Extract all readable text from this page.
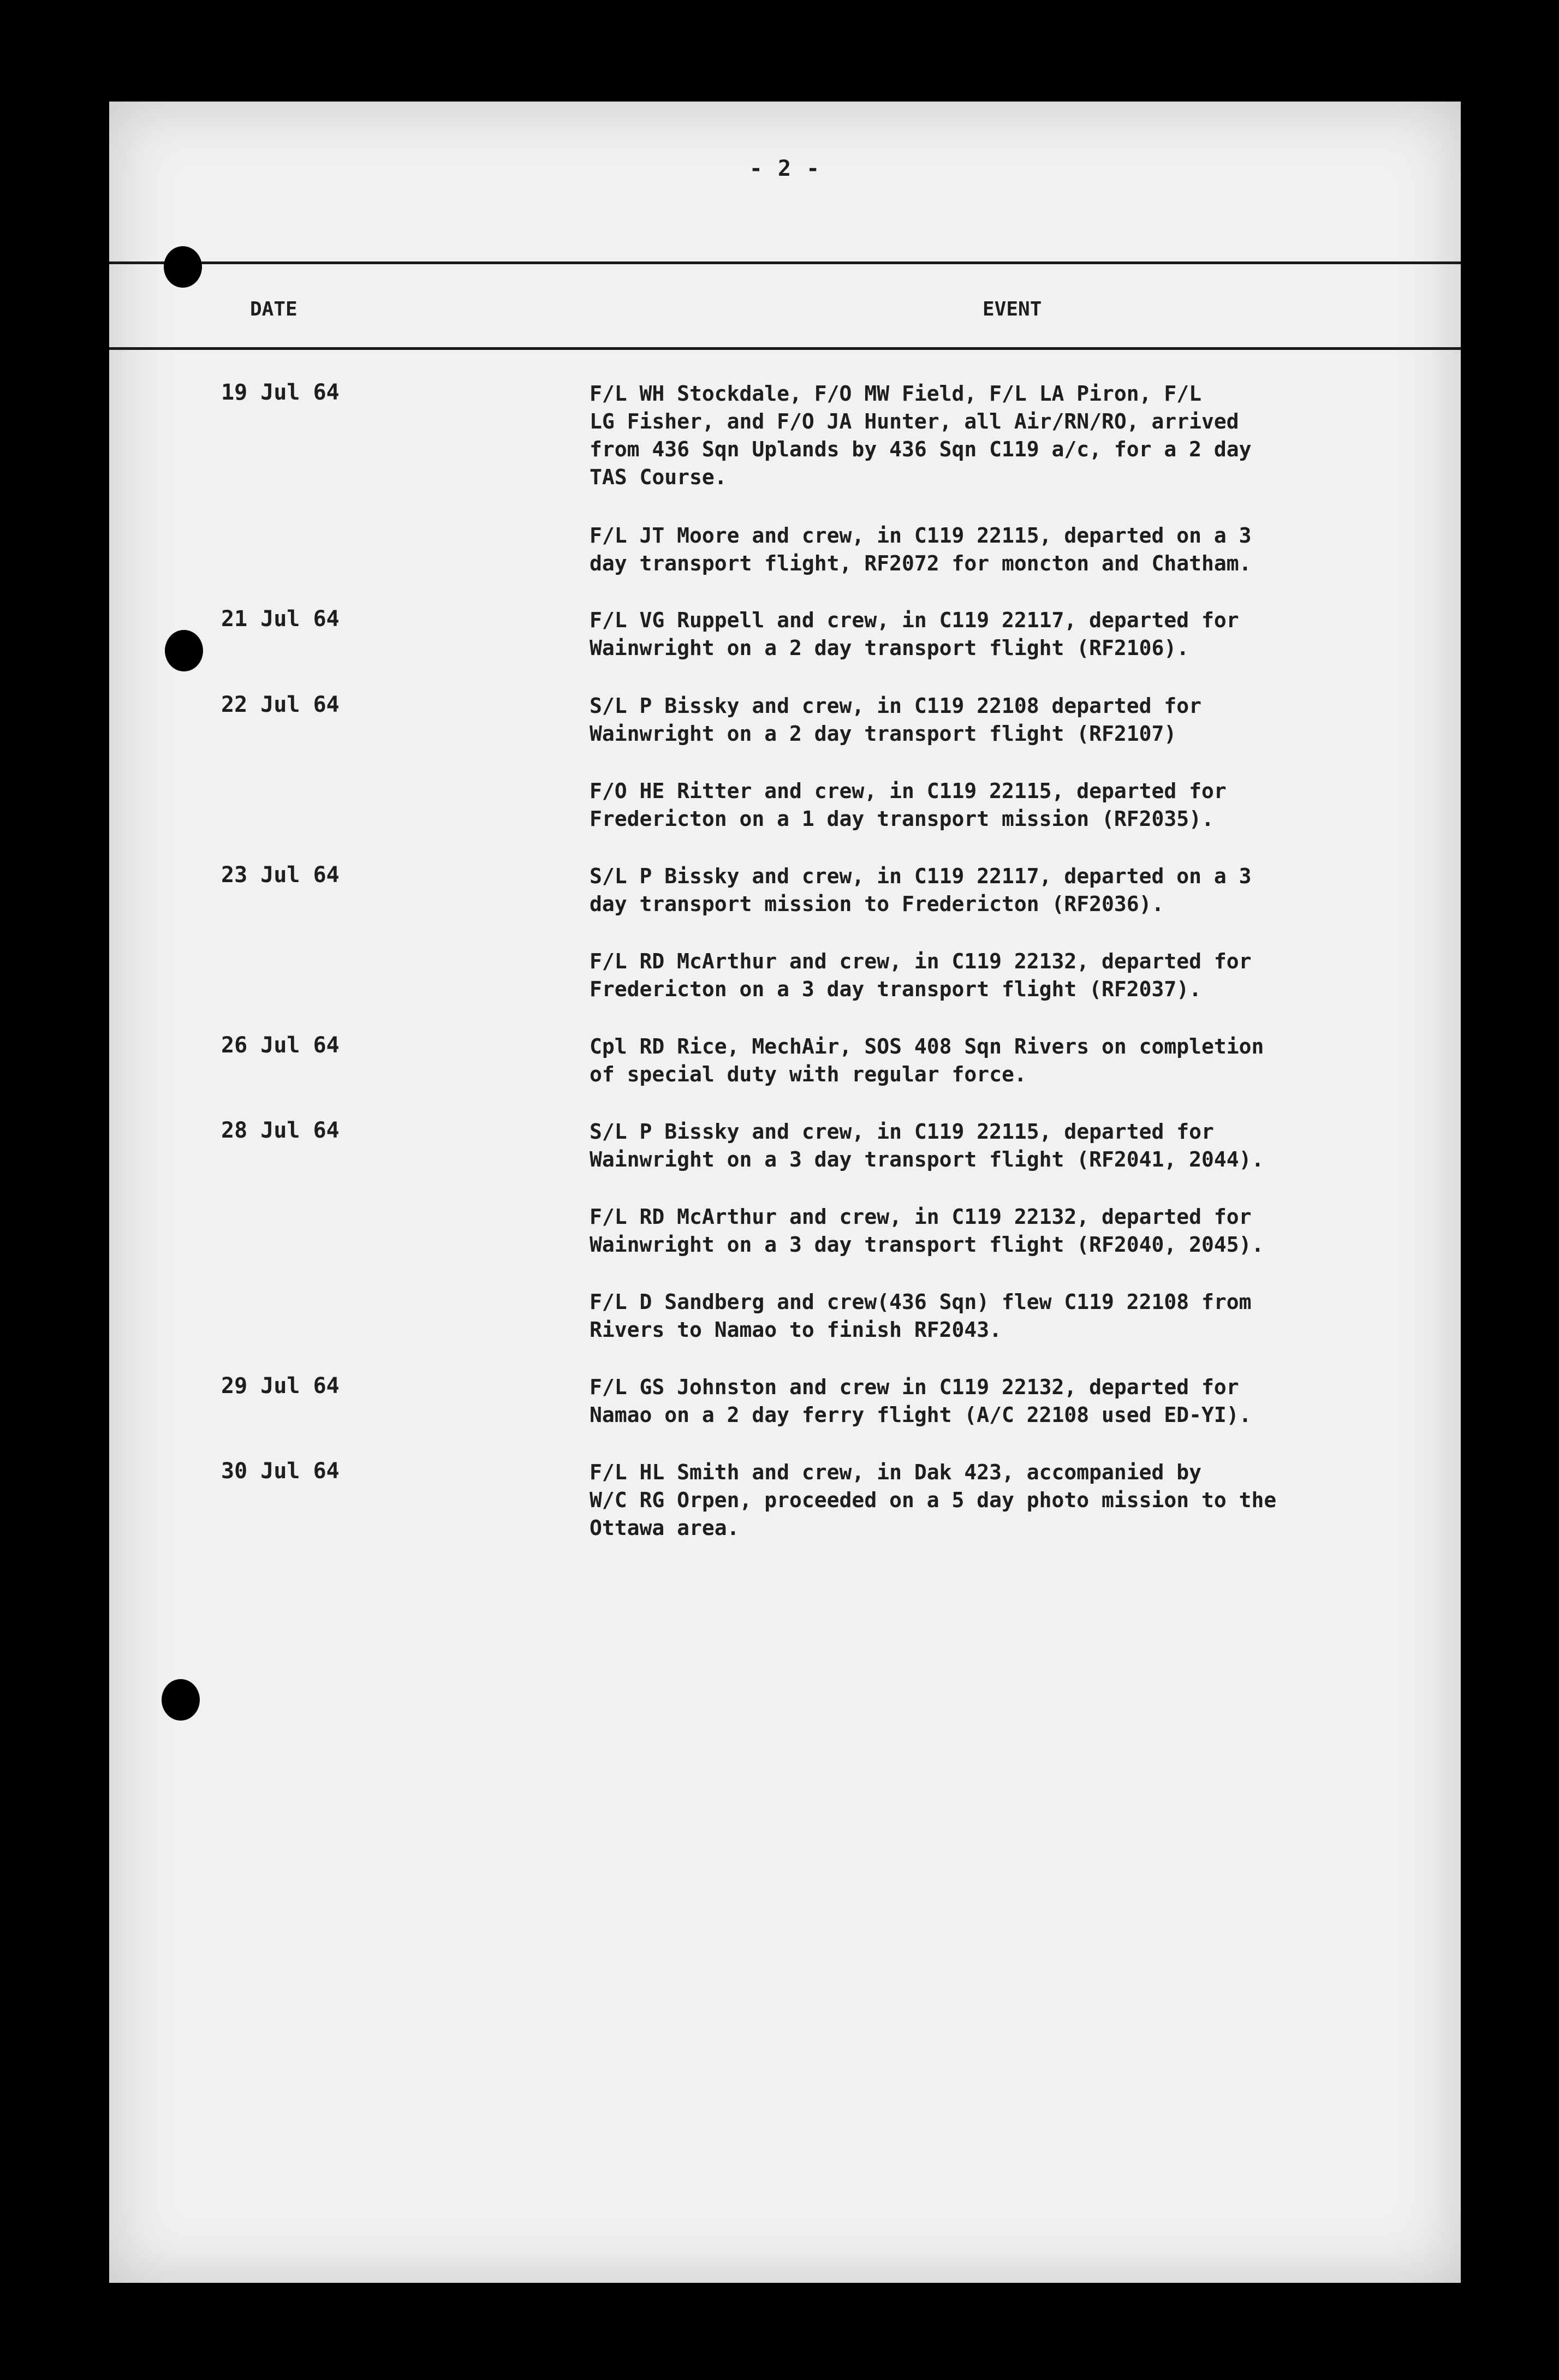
- 2 -
DATE	EVENT
19 Jul 64	F/L WH Stockdale, F/O MW Field, F/L LA Piron, F/L
LG Fisher, and F/O JA Hunter, all Air/RN/RO, arrived
from 436 Sqn Uplands by 436 Sqn C119 a/c, for a 2 day
TAS Course.
F/L JT Moore and crew, in C119 22115, departed on a 3
day transport flight, RF2072 for moncton and Chatham.
21 Jul 64	F/L VG Ruppell and crew, in C119 22117, departed for
Wainwright on a 2 day transport flight (RF2106).
22 Jul 64	S/L P Bissky and crew, in C119 22108 departed for
Wainwright on a 2 day transport flight (RF2107)
F/O HE Ritter and crew, in C119 22115, departed for
Fredericton on a 1 day transport mission (RF2035).
23 Jul 64	S/L P Bissky and crew, in C119 22117, departed on a 3
day transport mission to Fredericton (RF2036).
F/L RD McArthur and crew, in C119 22132, departed for
Fredericton on a 3 day transport flight (RF2037).
26 Jul 64	Cpl RD Rice, MechAir, SOS 408 Sqn Rivers on completion
of special duty with regular force.
28 Jul 64	S/L P Bissky and crew, in C119 22115, departed for
Wainwright on a 3 day transport flight (RF2041, 2044).
F/L RD McArthur and crew, in C119 22132, departed for
Wainwright on a 3 day transport flight (RF2040, 2045).
F/L D Sandberg and crew(436 Sqn) flew C119 22108 from
Rivers to Namao to finish RF2043.
29 Jul 64	F/L GS Johnston and crew in C119 22132, departed for
Namao on a 2 day ferry flight (A/C 22108 used ED-YI).
30 Jul 64	F/L HL Smith and crew, in Dak 423, accompanied by
W/C RG Orpen, proceeded on a 5 day photo mission to the
Ottawa area.
